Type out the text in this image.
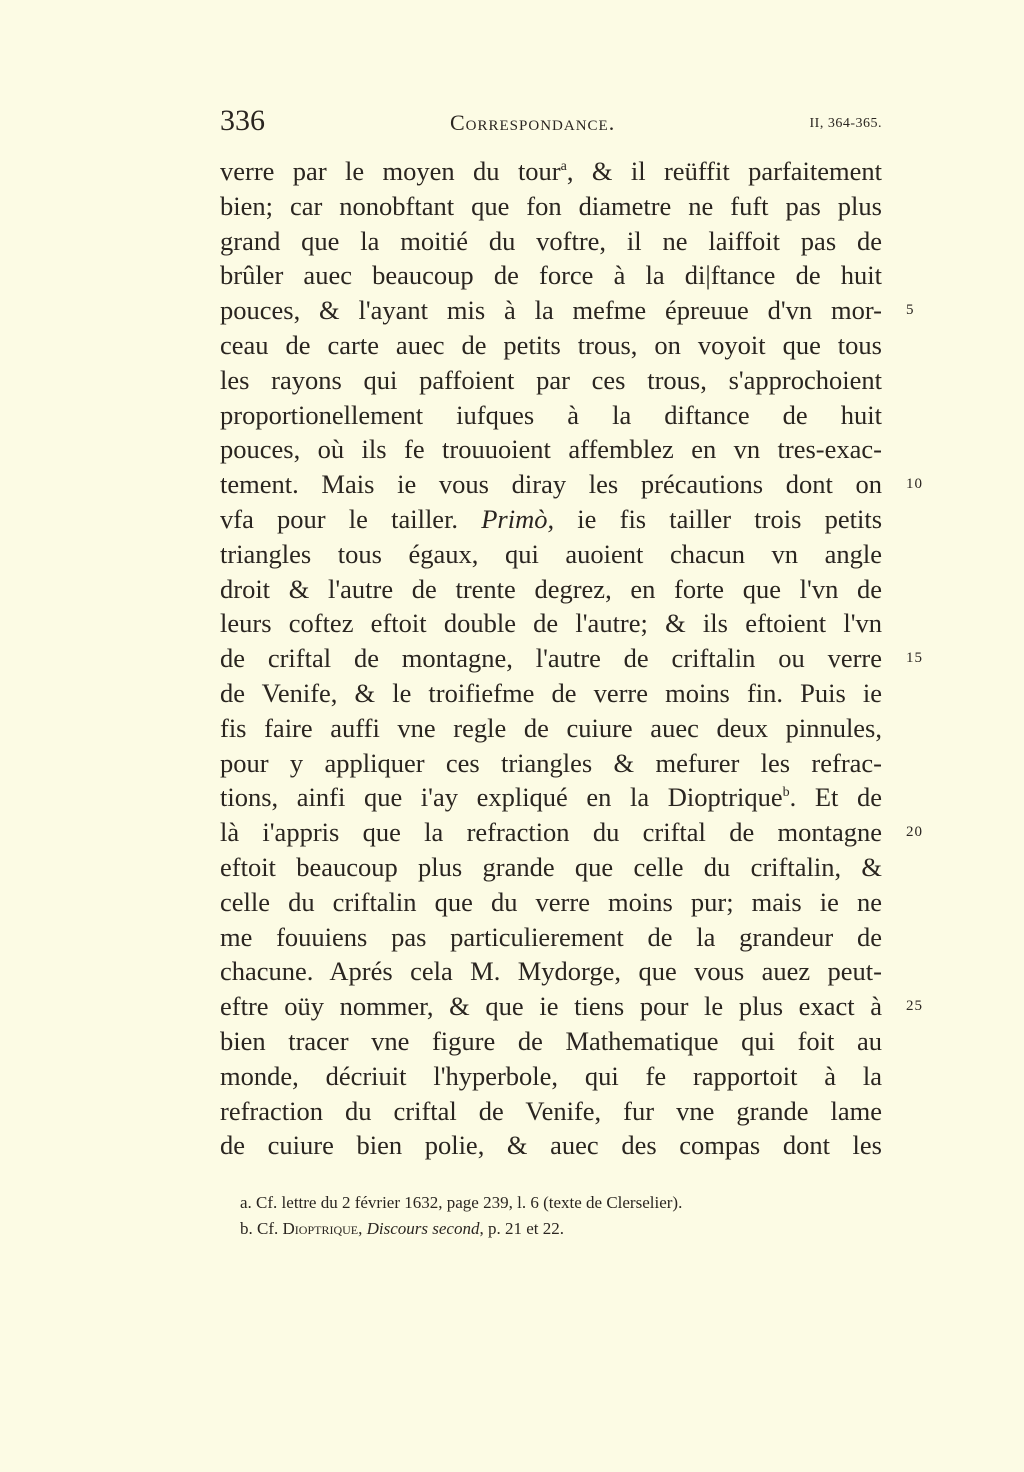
336	Correspondance.	II, 364-365.
verre par le moyen du tour$^a$, & il reüffit parfaitement
bien; car nonobftant que fon diametre ne fuft pas plus
grand que la moitié du voftre, il ne laiffoit pas de
brûler auec beaucoup de force à la di|ftance de huit
pouces, & l'ayant mis à la mefme épreuue d'vn mor- 5
ceau de carte auec de petits trous, on voyoit que tous
les rayons qui paffoient par ces trous, s'approchoient
proportionellement iufques à la diftance de huit
pouces, où ils fe trouuoient affemblez en vn tres-exac-
tement. Mais ie vous diray les précautions dont on 10
vfa pour le tailler. Primò, ie fis tailler trois petits
triangles tous égaux, qui auoient chacun vn angle
droit & l'autre de trente degrez, en forte que l'vn de
leurs coftez eftoit double de l'autre; & ils eftoient l'vn
de criftal de montagne, l'autre de criftalin ou verre 15
de Venife, & le troifiefme de verre moins fin. Puis ie
fis faire auffi vne regle de cuiure auec deux pinnules,
pour y appliquer ces triangles & mefurer les refrac-
tions, ainfi que i'ay expliqué en la Dioptrique$^b$. Et de
là i'appris que la refraction du criftal de montagne 20
eftoit beaucoup plus grande que celle du criftalin, &
celle du criftalin que du verre moins pur; mais ie ne
me fouuiens pas particulierement de la grandeur de
chacune. Aprés cela M. Mydorge, que vous auez peut-
eftre oüy nommer, & que ie tiens pour le plus exact à 25
bien tracer vne figure de Mathematique qui foit au
monde, décriuit l'hyperbole, qui fe rapportoit à la
refraction du criftal de Venife, fur vne grande lame
de cuiure bien polie, & auec des compas dont les
a. Cf. lettre du 2 février 1632, page 239, l. 6 (texte de Clerselier).
b. Cf. Dioptrique, Discours second, p. 21 et 22.
